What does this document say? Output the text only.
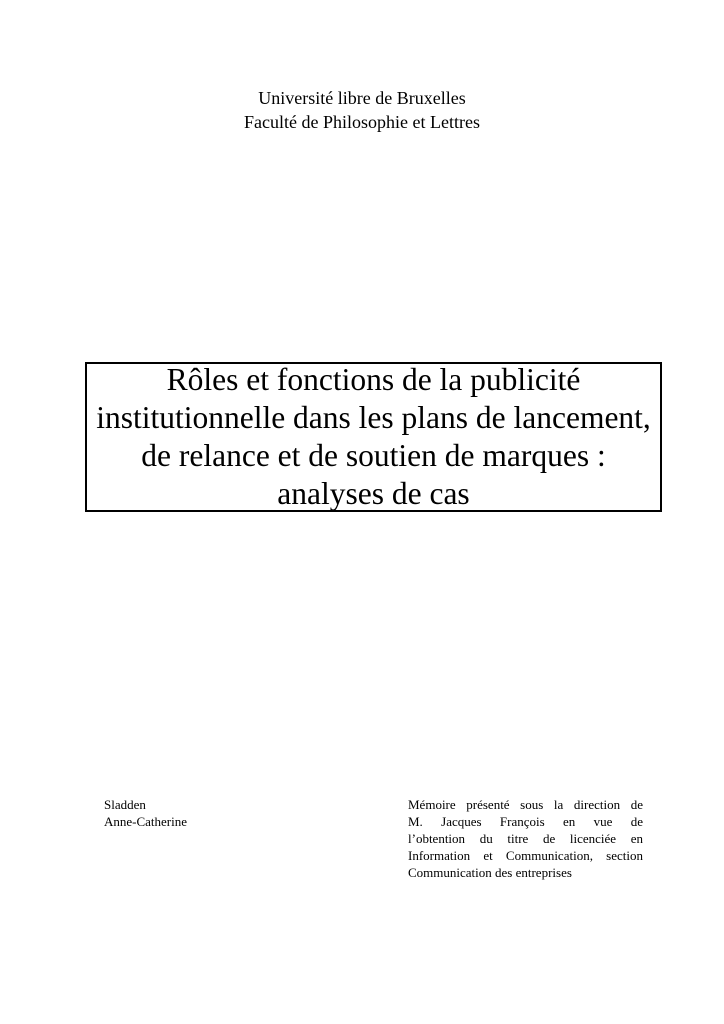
Université libre de Bruxelles
Faculté de Philosophie et Lettres
Rôles et fonctions de la publicité
institutionnelle dans les plans de lancement,
de relance et de soutien de marques :
analyses de cas
Sladden
Anne-Catherine
Mémoire présenté sous la direction de
M. Jacques François en vue de
l’obtention du titre de licenciée en
Information et Communication, section
Communication des entreprises
